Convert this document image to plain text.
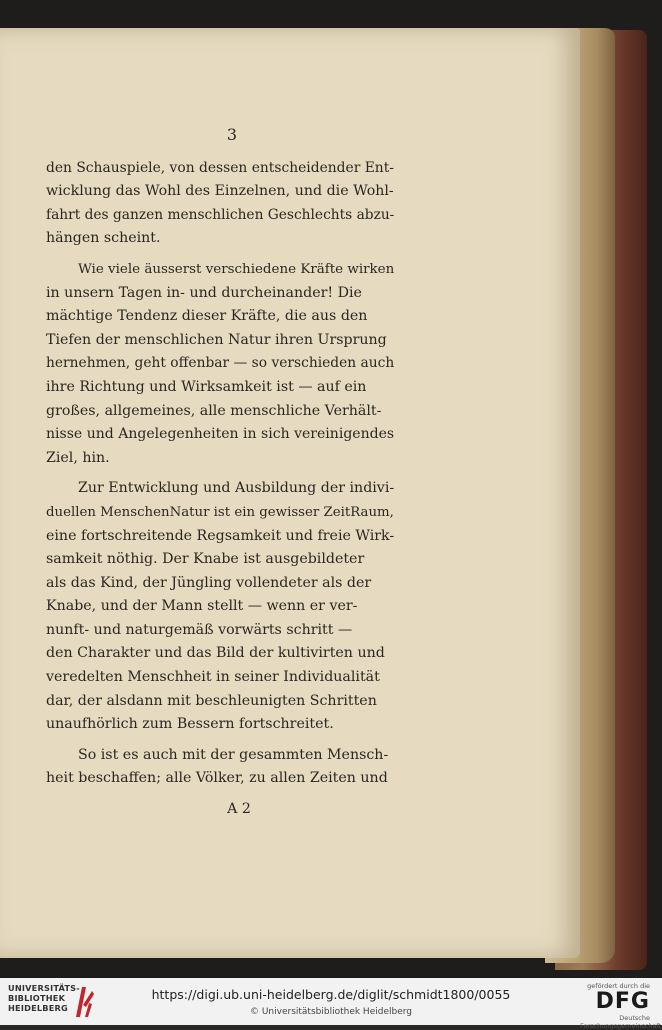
3
den Schauspiele, von dessen entscheidender Ent-
wicklung das Wohl des Einzelnen, und die Wohl-
fahrt des ganzen menschlichen Geschlechts abzu-
hängen scheint.
Wie viele äusserst verschiedene Kräfte wirken
in unsern Tagen in- und durcheinander! Die
mächtige Tendenz dieser Kräfte, die aus den
Tiefen der menschlichen Natur ihren Ursprung
hernehmen, geht offenbar — so verschieden auch
ihre Richtung und Wirksamkeit ist — auf ein
großes, allgemeines, alle menschliche Verhält-
nisse und Angelegenheiten in sich vereinigendes
Ziel, hin.
Zur Entwicklung und Ausbildung der indivi-
duellen MenschenNatur ist ein gewisser ZeitRaum,
eine fortschreitende Regsamkeit und freie Wirk-
samkeit nöthig. Der Knabe ist ausgebildeter
als das Kind, der Jüngling vollendeter als der
Knabe, und der Mann stellt — wenn er ver-
nunft- und naturgemäß vorwärts schritt —
den Charakter und das Bild der kultivirten und
veredelten Menschheit in seiner Individualität
dar, der alsdann mit beschleunigten Schritten
unaufhörlich zum Bessern fortschreitet.
So ist es auch mit der gesammten Mensch-
heit beschaffen; alle Völker, zu allen Zeiten und
A 2
UNIVERSITÄTS-
BIBLIOTHEK
HEIDELBERG
https://digi.ub.uni-heidelberg.de/diglit/schmidt1800/0055
© Universitätsbibliothek Heidelberg
gefördert durch die
DFG
Deutsche
Forschungsgemeinschaft
